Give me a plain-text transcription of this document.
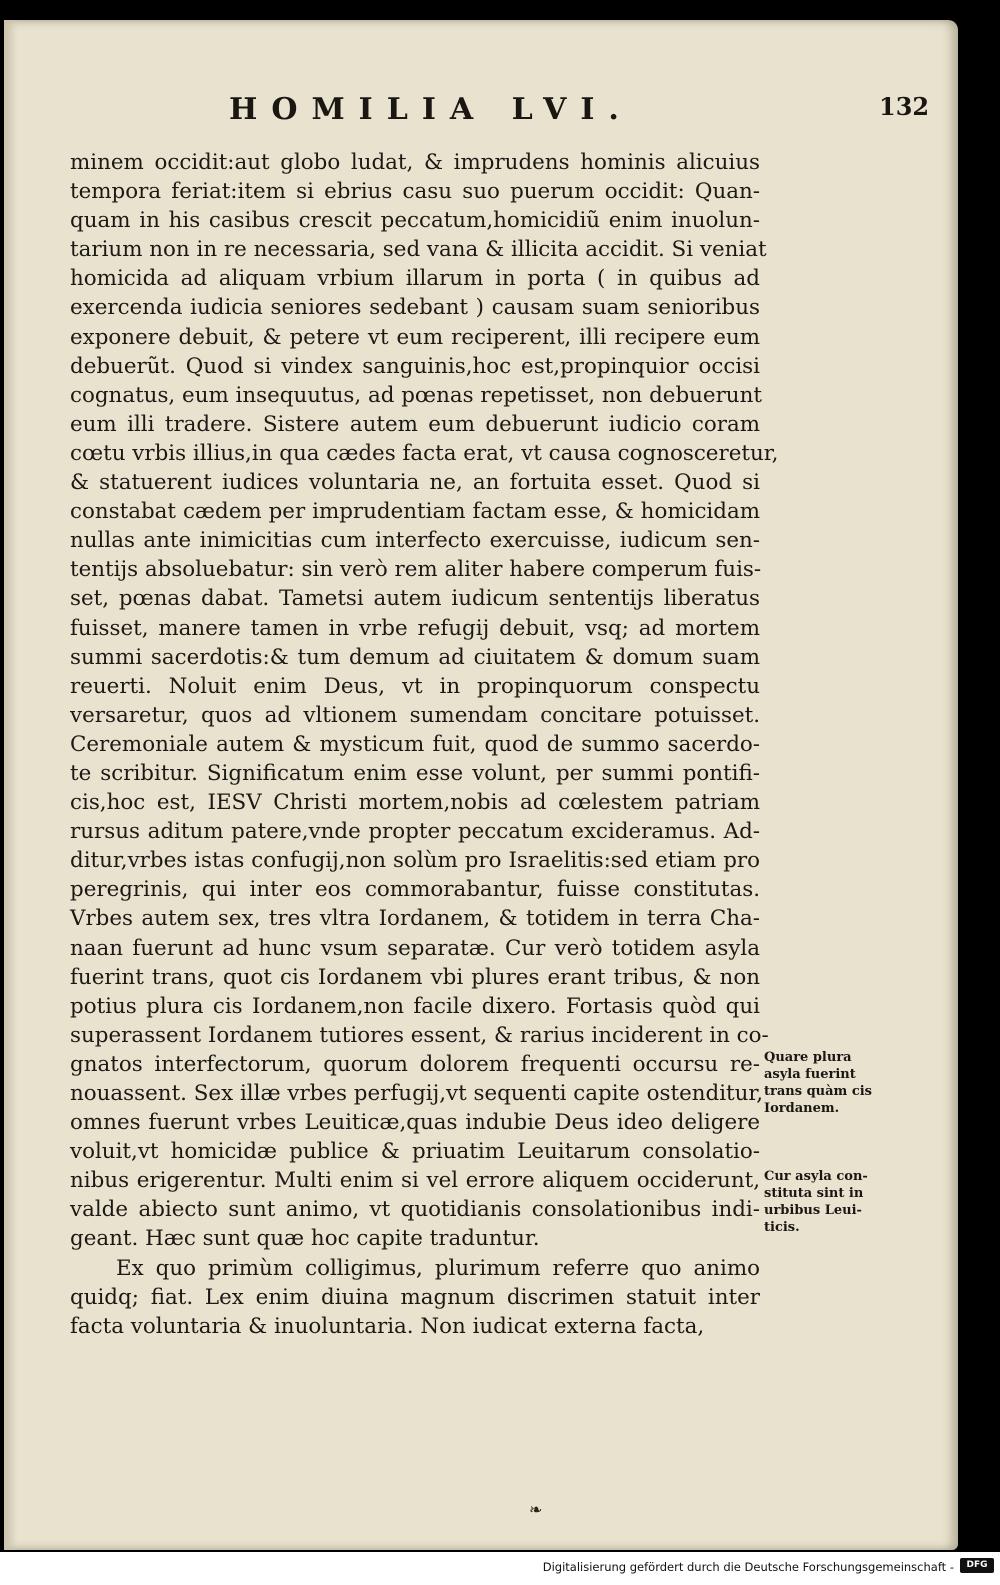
HOMILIA LVI.	132
minem occidit:aut globo ludat, & imprudens hominis alicuius
tempora feriat:item si ebrius casu suo puerum occidit: Quan-
quam in his casibus crescit peccatum,homicidiũ enim inuolun-
tarium non in re necessaria, sed vana & illicita accidit. Si veniat
homicida ad aliquam vrbium illarum in porta ( in quibus ad
exercenda iudicia seniores sedebant ) causam suam senioribus
exponere debuit, & petere vt eum reciperent, illi recipere eum
debuerũt. Quod si vindex sanguinis,hoc est,propinquior occisi
cognatus, eum insequutus, ad pœnas repetisset, non debuerunt
eum illi tradere. Sistere autem eum debuerunt iudicio coram
cœtu vrbis illius,in qua cædes facta erat, vt causa cognosceretur,
& statuerent iudices voluntaria ne, an fortuita esset. Quod si
constabat cædem per imprudentiam factam esse, & homicidam
nullas ante inimicitias cum interfecto exercuisse, iudicum sen-
tentijs absoluebatur: sin verò rem aliter habere comperum fuis-
set, pœnas dabat. Tametsi autem iudicum sententijs liberatus
fuisset, manere tamen in vrbe refugij debuit, vsq; ad mortem
summi sacerdotis:& tum demum ad ciuitatem & domum suam
reuerti. Noluit enim Deus, vt in propinquorum conspectu
versaretur, quos ad vltionem sumendam concitare potuisset.
Ceremoniale autem & mysticum fuit, quod de summo sacerdo-
te scribitur. Significatum enim esse volunt, per summi pontifi-
cis,hoc est, IESV Christi mortem,nobis ad cœlestem patriam
rursus aditum patere,vnde propter peccatum excideramus. Ad-
ditur,vrbes istas confugij,non solùm pro Israelitis:sed etiam pro
peregrinis, qui inter eos commorabantur, fuisse constitutas.
Vrbes autem sex, tres vltra Iordanem, & totidem in terra Cha-
naan fuerunt ad hunc vsum separatæ. Cur verò totidem asyla
fuerint trans, quot cis Iordanem vbi plures erant tribus, & non
potius plura cis Iordanem,non facile dixero. Fortasis quòd qui
superassent Iordanem tutiores essent, & rarius inciderent in co-
gnatos interfectorum, quorum dolorem frequenti occursu re-
nouassent. Sex illæ vrbes perfugij,vt sequenti capite ostenditur,
omnes fuerunt vrbes Leuiticæ,quas indubie Deus ideo deligere
voluit,vt homicidæ publice & priuatim Leuitarum consolatio-
nibus erigerentur. Multi enim si vel errore aliquem occiderunt,
valde abiecto sunt animo, vt quotidianis consolationibus indi-
geant. Hæc sunt quæ hoc capite traduntur.
Ex quo primùm colligimus, plurimum referre quo animo
quidq; fiat. Lex enim diuina magnum discrimen statuit inter
facta voluntaria & inuoluntaria. Non iudicat externa facta,
Quare plura
asyla fuerint
trans quàm cis
Iordanem.
Cur asyla con-
stituta sint in
urbibus Leui-
ticis.
❧
Digitalisierung gefördert durch die Deutsche Forschungsgemeinschaft -	DFG
